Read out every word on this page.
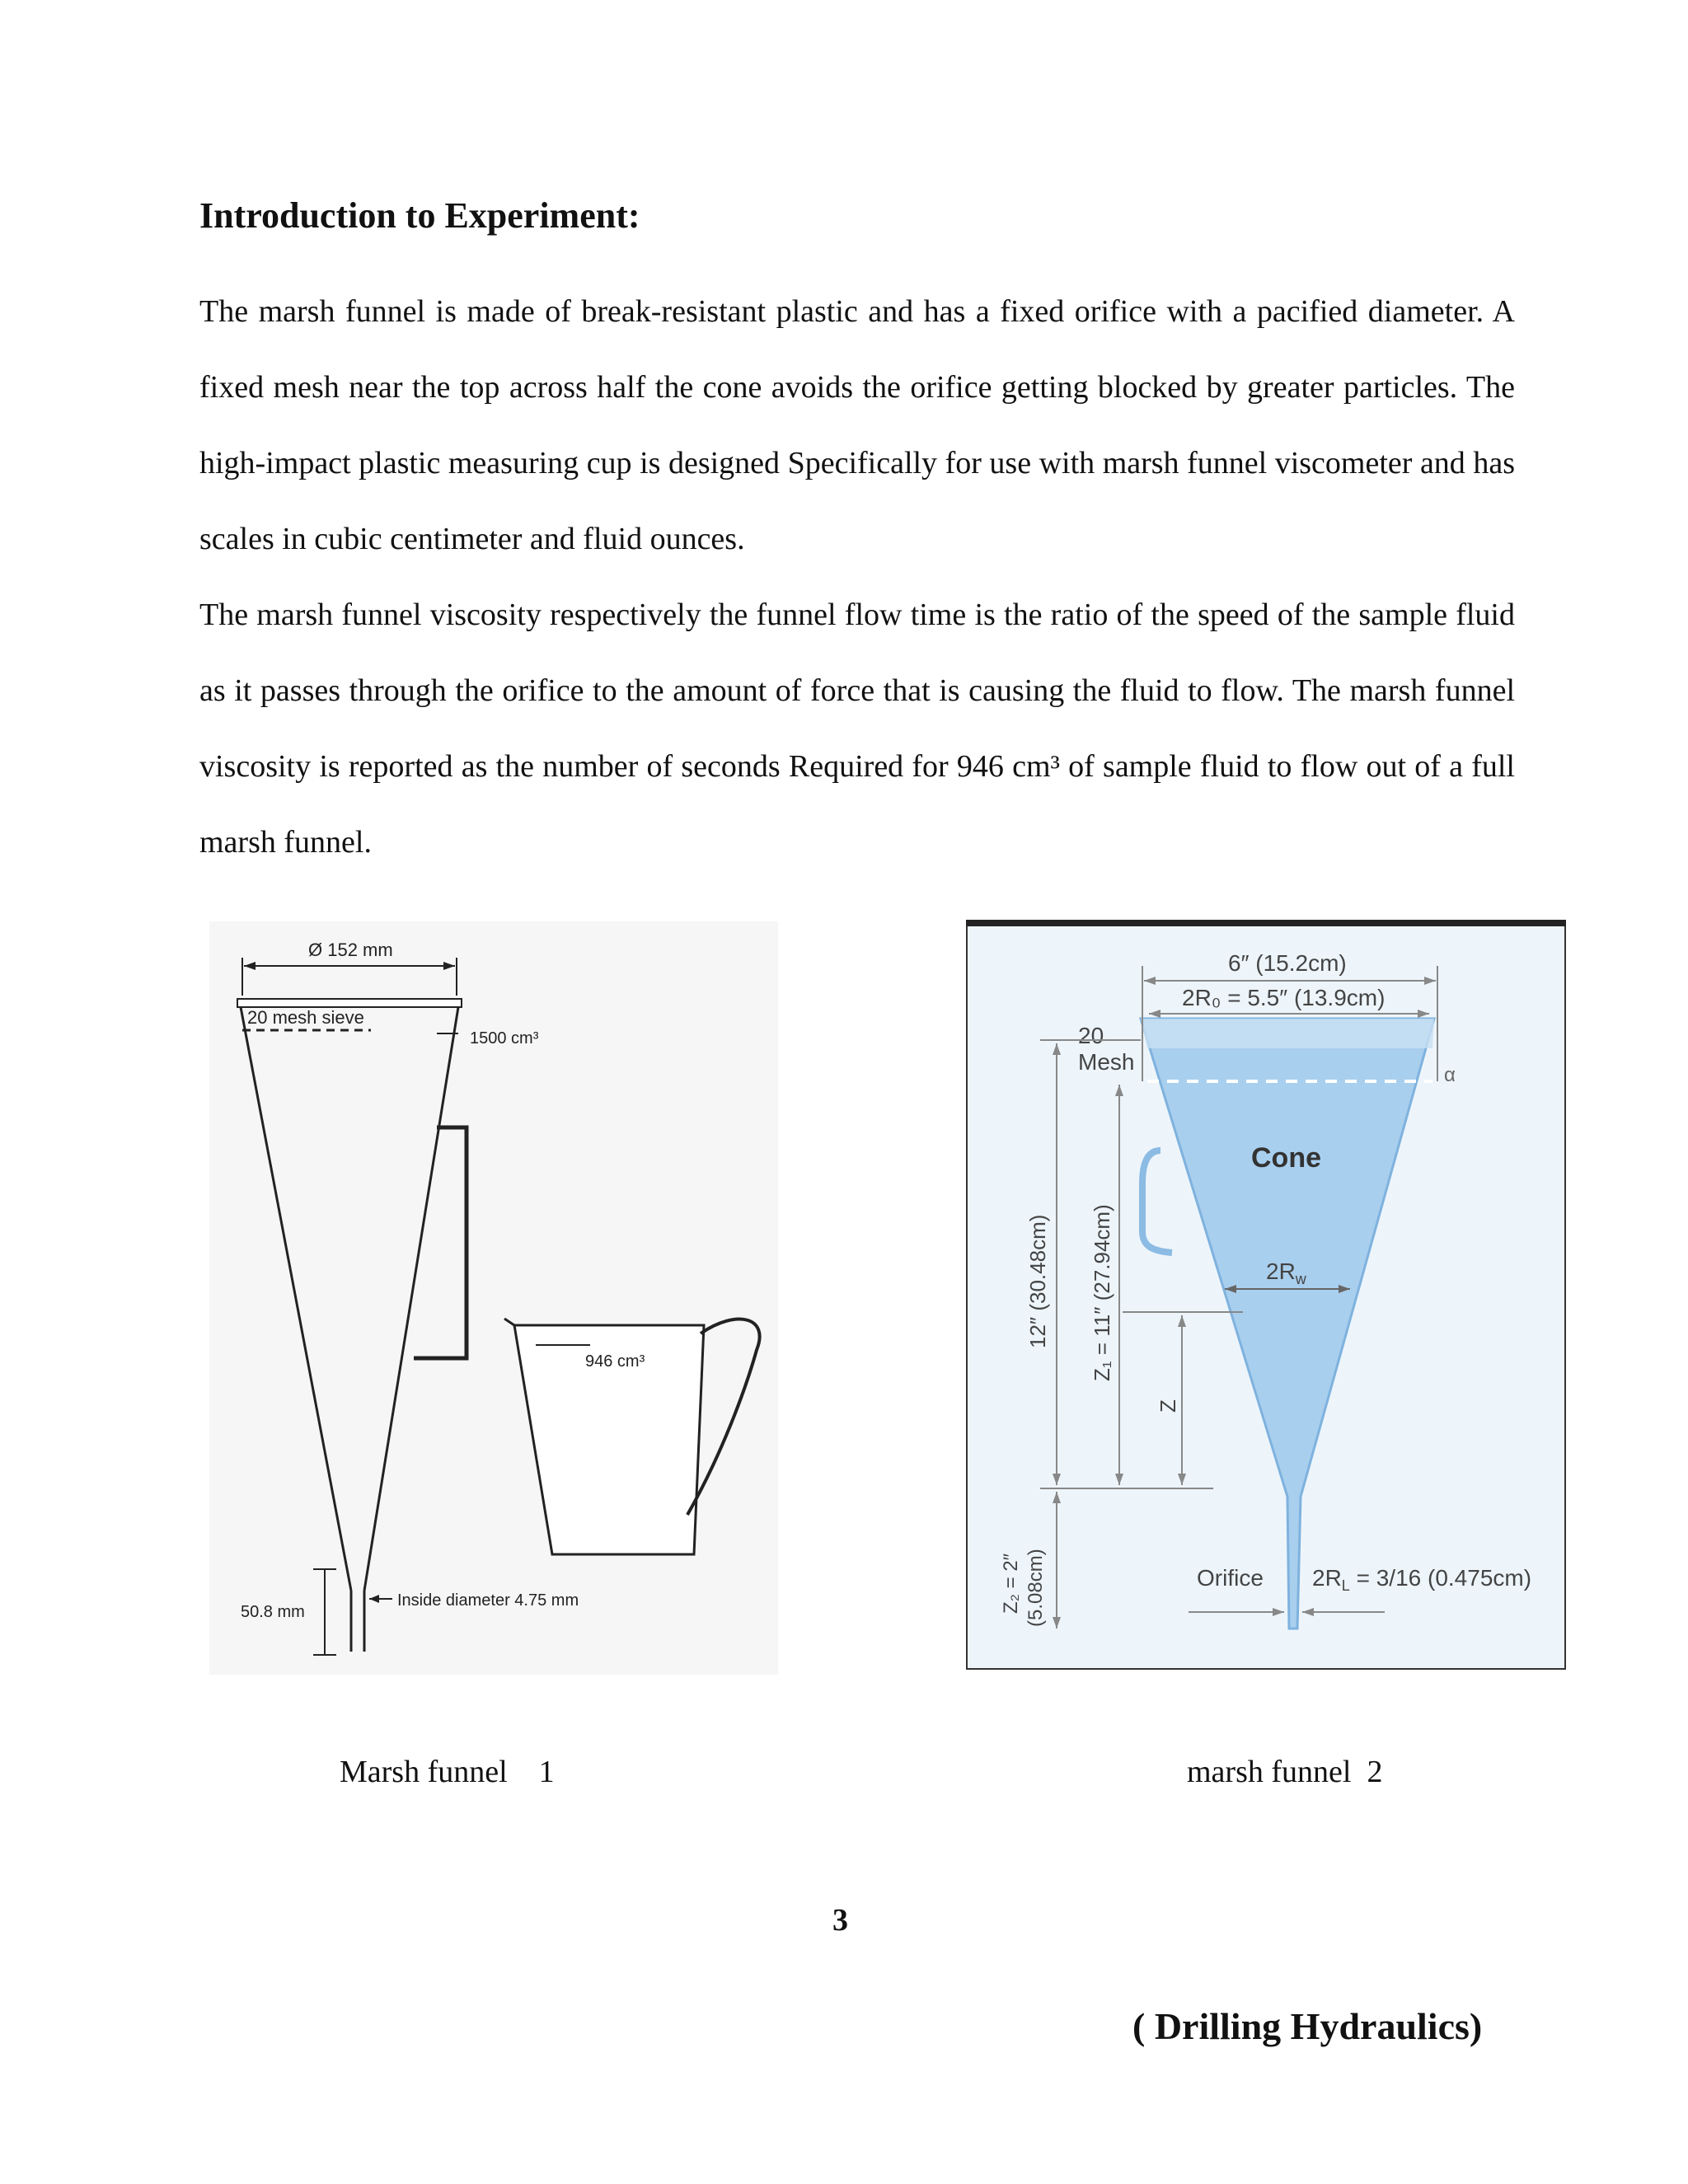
Introduction to Experiment:

The marsh funnel is made of break-resistant plastic and has a fixed orifice with a pacified diameter. A fixed mesh near the top across half the cone avoids the orifice getting blocked by greater particles. The high-impact plastic measuring cup is designed Specifically for use with marsh funnel viscometer and has scales in cubic centimeter and fluid ounces.

The marsh funnel viscosity respectively the funnel flow time is the ratio of the speed of the sample fluid as it passes through the orifice to the amount of force that is causing the fluid to flow. The marsh funnel viscosity is reported as the number of seconds Required for 946 cm³ of sample fluid to flow out of a full marsh funnel.

Ø 152 mm
20 mesh sieve
1500 cm³
50.8 mm
Inside diameter 4.75 mm
946 cm³
6″ (15.2cm)
2R₀ = 5.5″ (13.9cm)
20
Mesh
α
Cone
$2R_w$
12″ (30.48cm) Z₁ = 11″ (27.94cm)
Z
Z₂ = 2″ (5.08cm)	Orifice $2R_L = 3/16$ (0.475cm)

Marsh funnel    1	marsh funnel  2

3

( Drilling Hydraulics)
